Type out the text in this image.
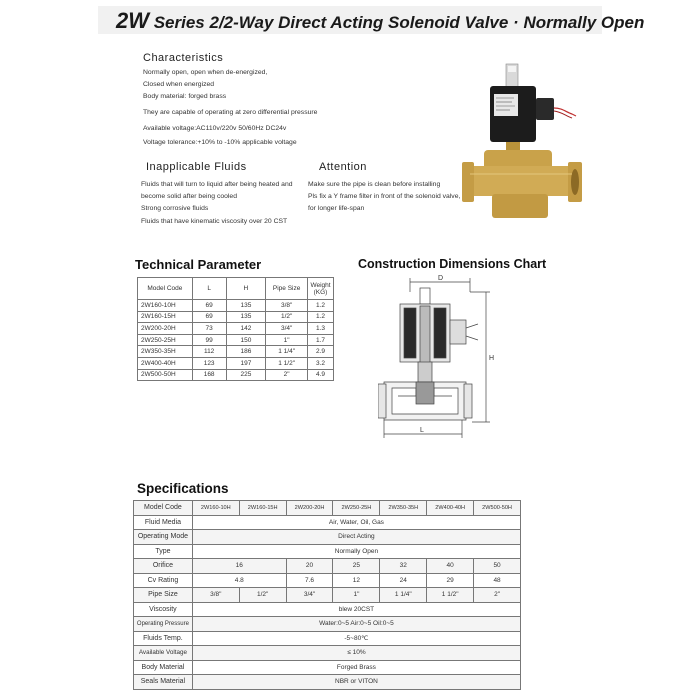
2W Series 2/2-Way Direct Acting Solenoid Valve · Normally Open
Characteristics
Normally open, open when de-energized,
Closed when energized
Body material: forged brass
They are capable of operating at zero differential pressure
Available voltage:AC110v/220v 50/60Hz DC24v
Voltage tolerance:+10% to -10% applicable voltage
Inapplicable Fluids
Fluids that will turn to liquid after being heated and
become solid after being cooled
Strong corrosive fluids
Fluids that have kinematic viscosity over 20 CST
Attention
Make sure the pipe is clean before installing
Pls fix a Y frame filter in front of the solenoid valve,
for longer life-span
Technical Parameter
Model Code	L	H	Pipe Size	Weight (KG)
2W160-10H	69	135	3/8"	1.2
2W160-15H	69	135	1/2"	1.2
2W200-20H	73	142	3/4"	1.3
2W250-25H	99	150	1"	1.7
2W350-35H	112	186	1 1/4"	2.9
2W400-40H	123	197	1 1/2"	3.2
2W500-50H	168	225	2"	4.9
Construction Dimensions Chart
D
H
L
Specifications
Model Code	2W160-10H	2W160-15H	2W200-20H	2W250-25H	2W350-35H	2W400-40H	2W500-50H
Fluid Media	Air, Water, Oil, Gas						
Operating Mode	Direct Acting						
Type	Normally Open						
Orifice	16		20	25	32	40	50
Cv Rating	4.8		7.6	12	24	29	48
Pipe Size	3/8"	1/2"	3/4"	1"	1 1/4"	1 1/2"	2"
Viscosity	blew 20CST						
Operating Pressure	Water:0~5 Air:0~5 Oil:0~5						
Fluids Temp.	-5~80℃						
Available Voltage	≤ 10%						
Body Material	Forged Brass						
Seals Material	NBR or VITON						
